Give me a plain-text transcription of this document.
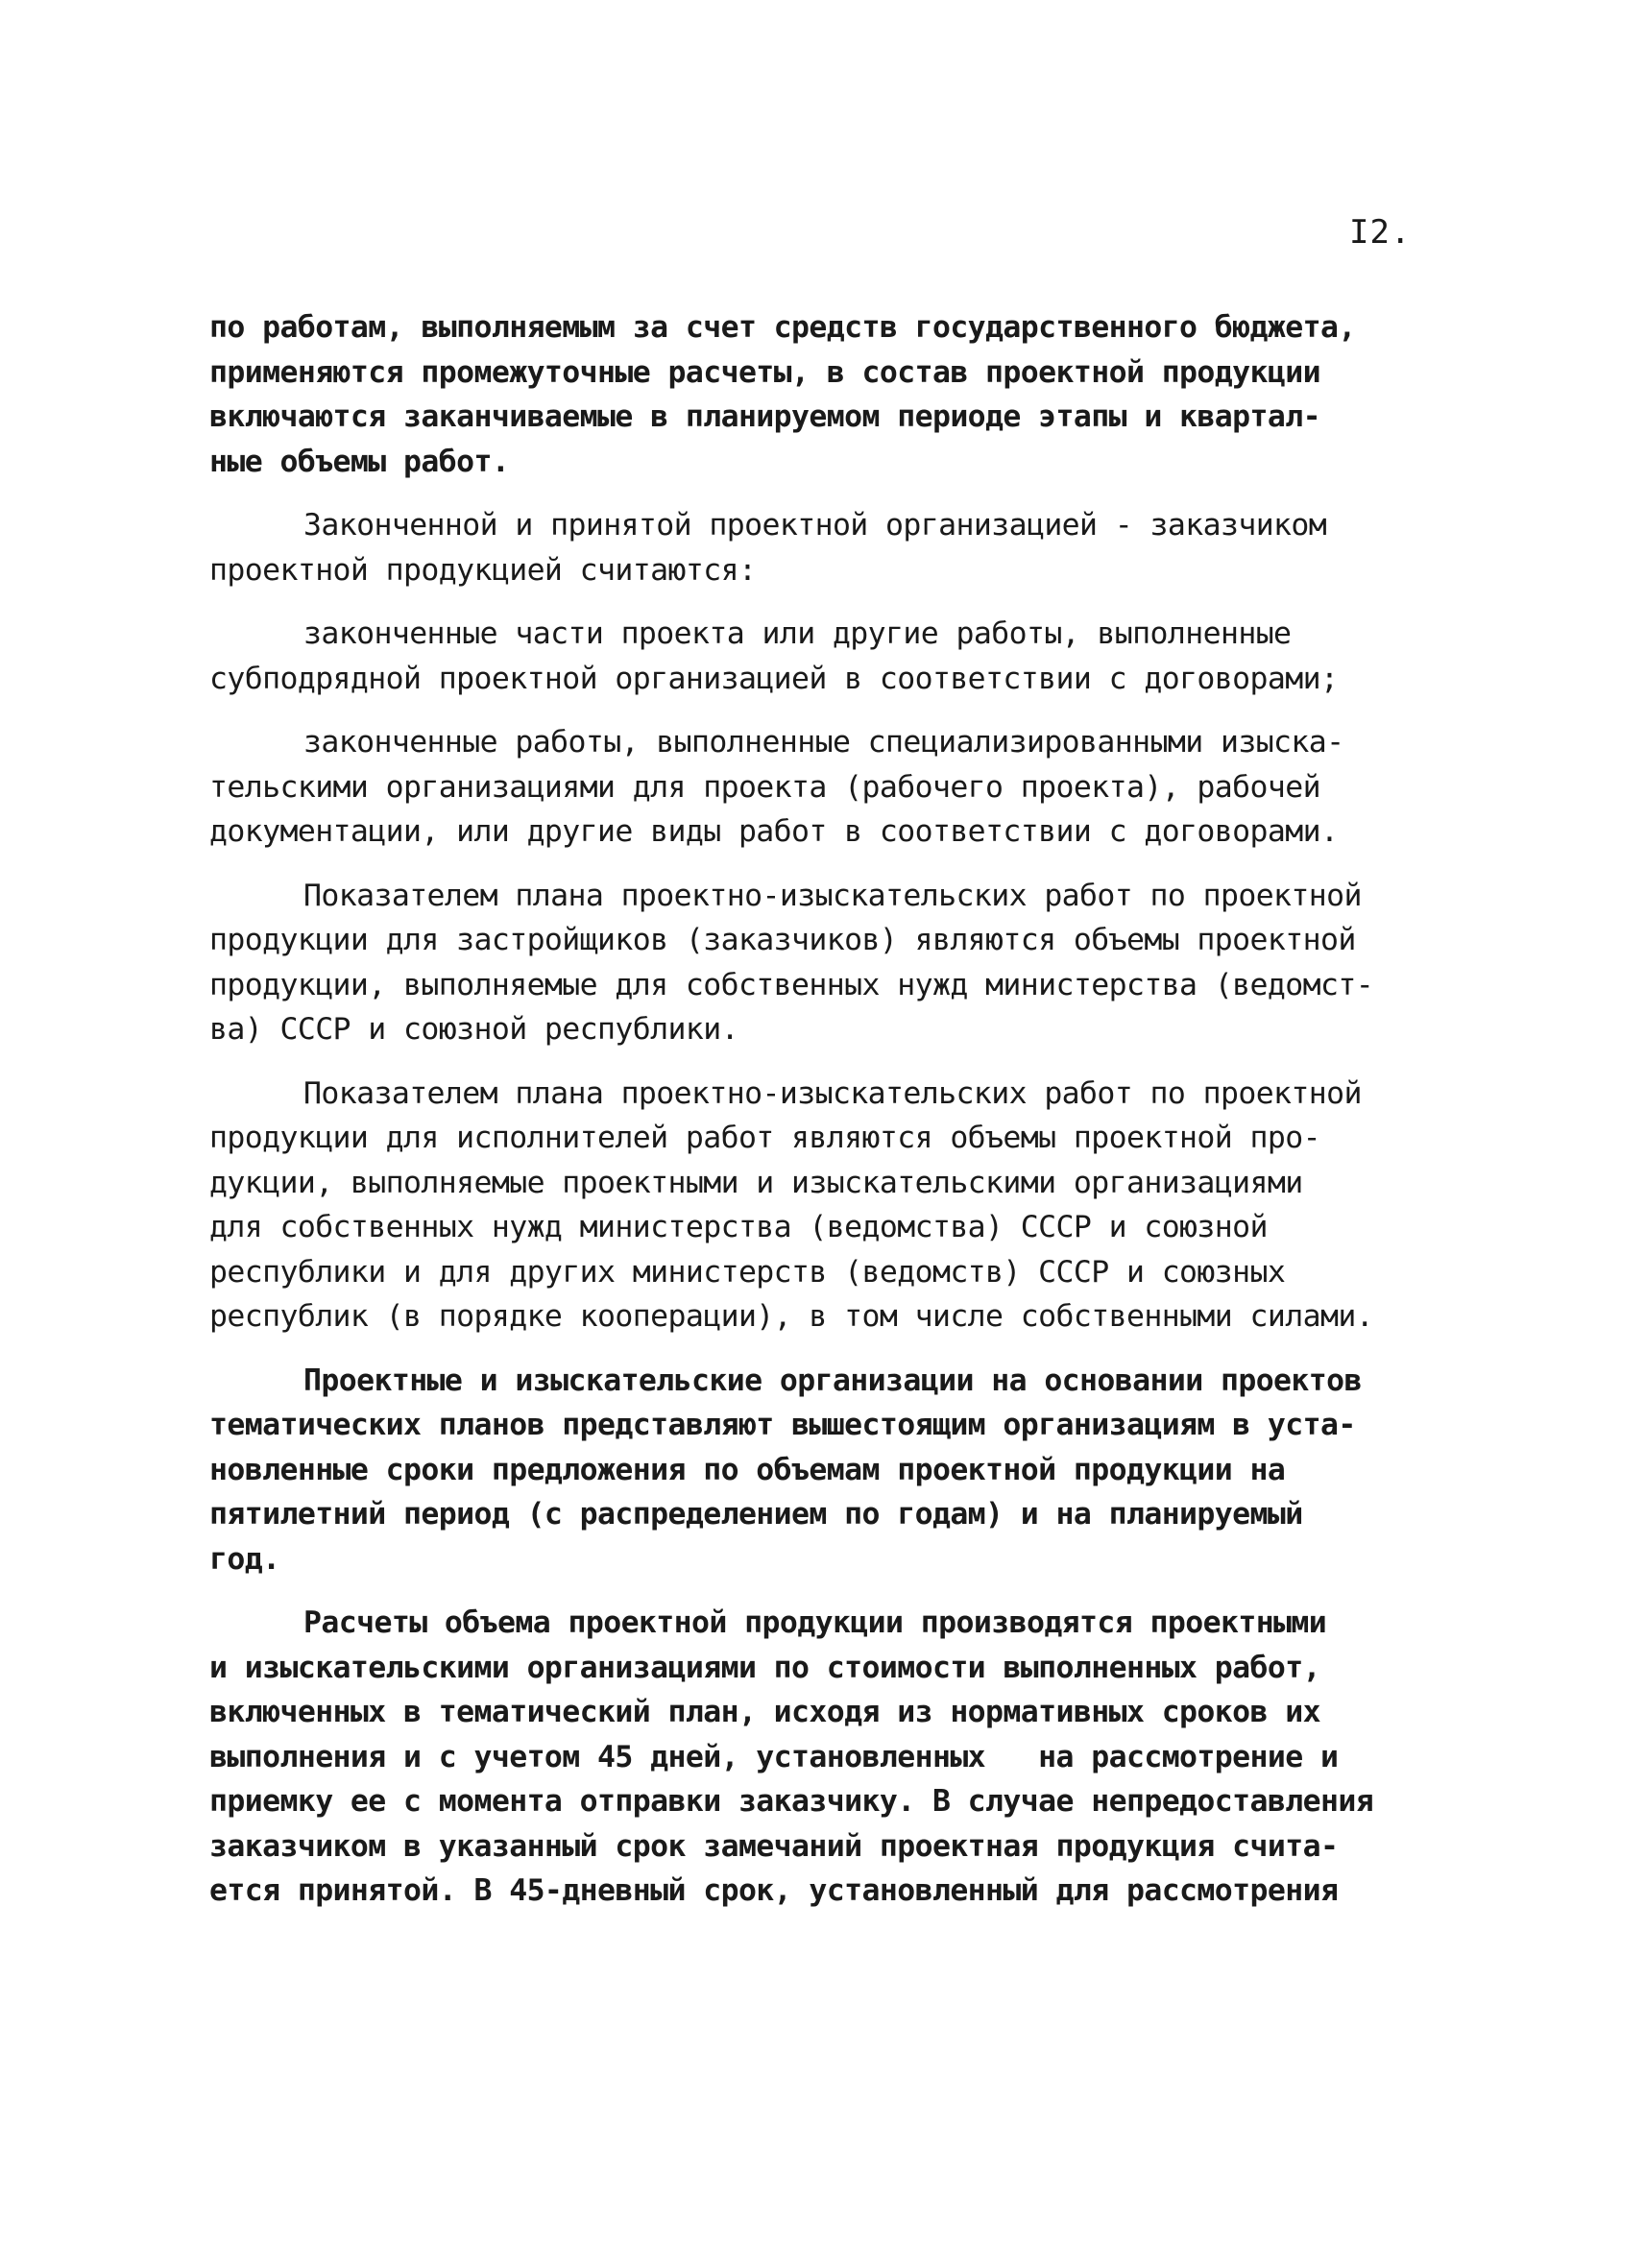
I2.
по работам, выполняемым за счет средств государственного бюджета,
применяются промежуточные расчеты, в состав проектной продукции
включаются заканчиваемые в планируемом периоде этапы и квартал-
ные объемы работ.
Законченной и принятой проектной организацией - заказчиком
проектной продукцией считаются:
законченные части проекта или другие работы, выполненные
субподрядной проектной организацией в соответствии с договорами;
законченные работы, выполненные специализированными изыска-
тельскими организациями для проекта (рабочего проекта), рабочей
документации, или другие виды работ в соответствии с договорами.
Показателем плана проектно-изыскательских работ по проектной
продукции для застройщиков (заказчиков) являются объемы проектной
продукции, выполняемые для собственных нужд министерства (ведомст-
ва) СССР и союзной республики.
Показателем плана проектно-изыскательских работ по проектной
продукции для исполнителей работ являются объемы проектной про-
дукции, выполняемые проектными и изыскательскими организациями
для собственных нужд министерства (ведомства) СССР и союзной
республики и для других министерств (ведомств) СССР и союзных
республик (в порядке кооперации), в том числе собственными силами.
Проектные и изыскательские организации на основании проектов
тематических планов представляют вышестоящим организациям в уста-
новленные сроки предложения по объемам проектной продукции на
пятилетний период (с распределением по годам) и на планируемый
год.
Расчеты объема проектной продукции производятся проектными
и изыскательскими организациями по стоимости выполненных работ,
включенных в тематический план, исходя из нормативных сроков их
выполнения и с учетом 45 дней, установленных   на рассмотрение и
приемку ее с момента отправки заказчику. В случае непредоставления
заказчиком в указанный срок замечаний проектная продукция счита-
ется принятой. В 45-дневный срок, установленный для рассмотрения
